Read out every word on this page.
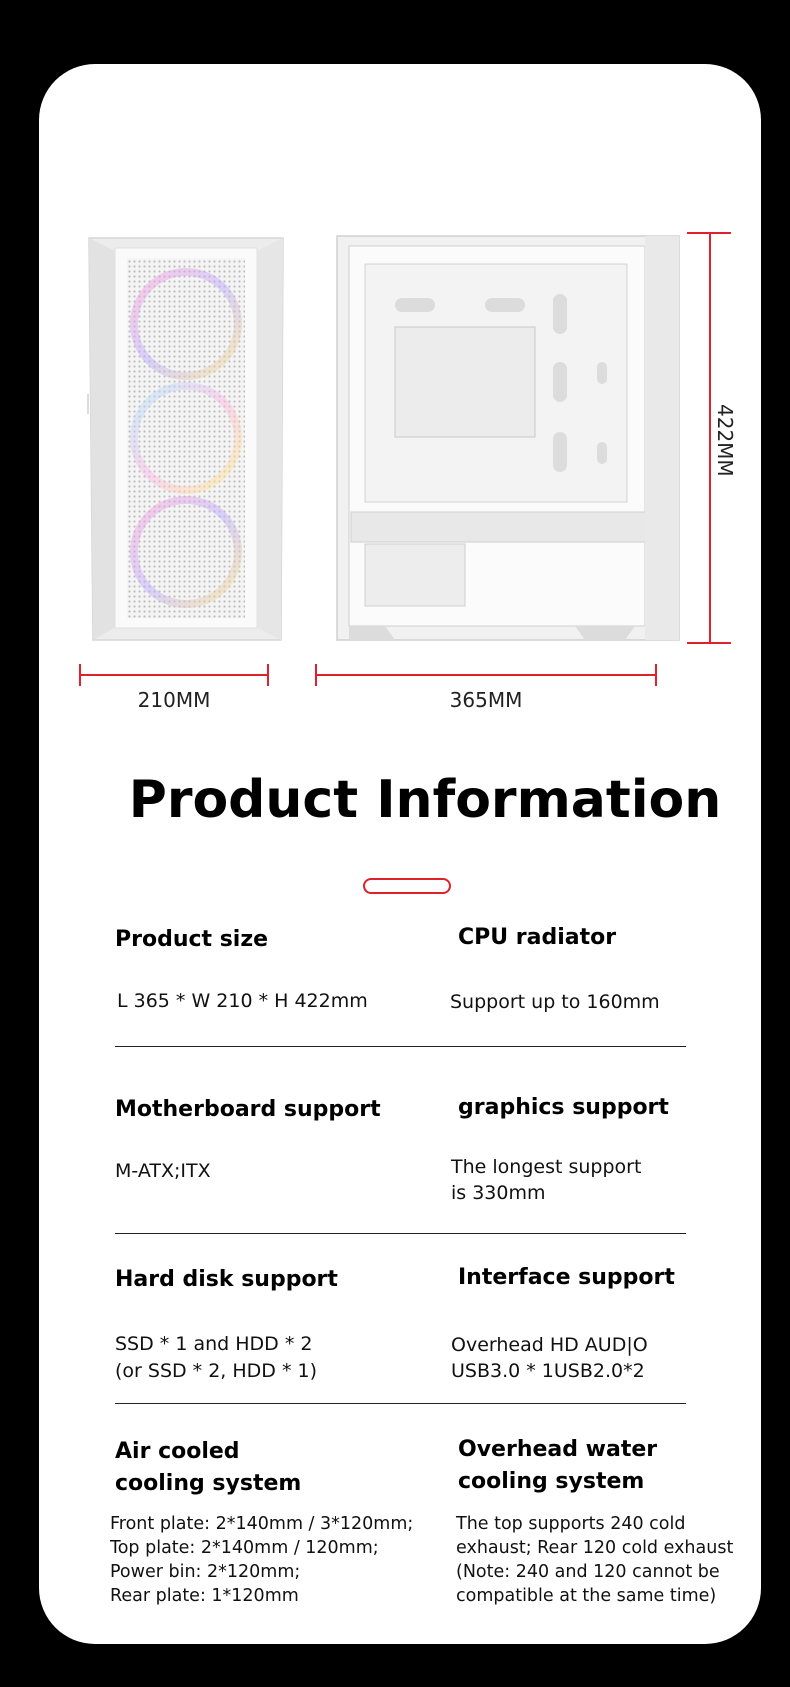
210MM	365MM
422MM
Product Information
Product size
L 365 * W 210 * H 422mm
CPU radiator
Support up to 160mm
Motherboard support
M-ATX;ITX
graphics support
The longest support
is 330mm
Hard disk support
SSD * 1 and HDD * 2
(or SSD * 2, HDD * 1)
Interface support
Overhead HD AUD|O
USB3.0 * 1USB2.0*2
Air cooled
cooling system
Front plate: 2*140mm / 3*120mm;
Top plate: 2*140mm / 120mm;
Power bin: 2*120mm;
Rear plate: 1*120mm
Overhead water
cooling system
The top supports 240 cold
exhaust; Rear 120 cold exhaust
(Note: 240 and 120 cannot be
compatible at the same time)
